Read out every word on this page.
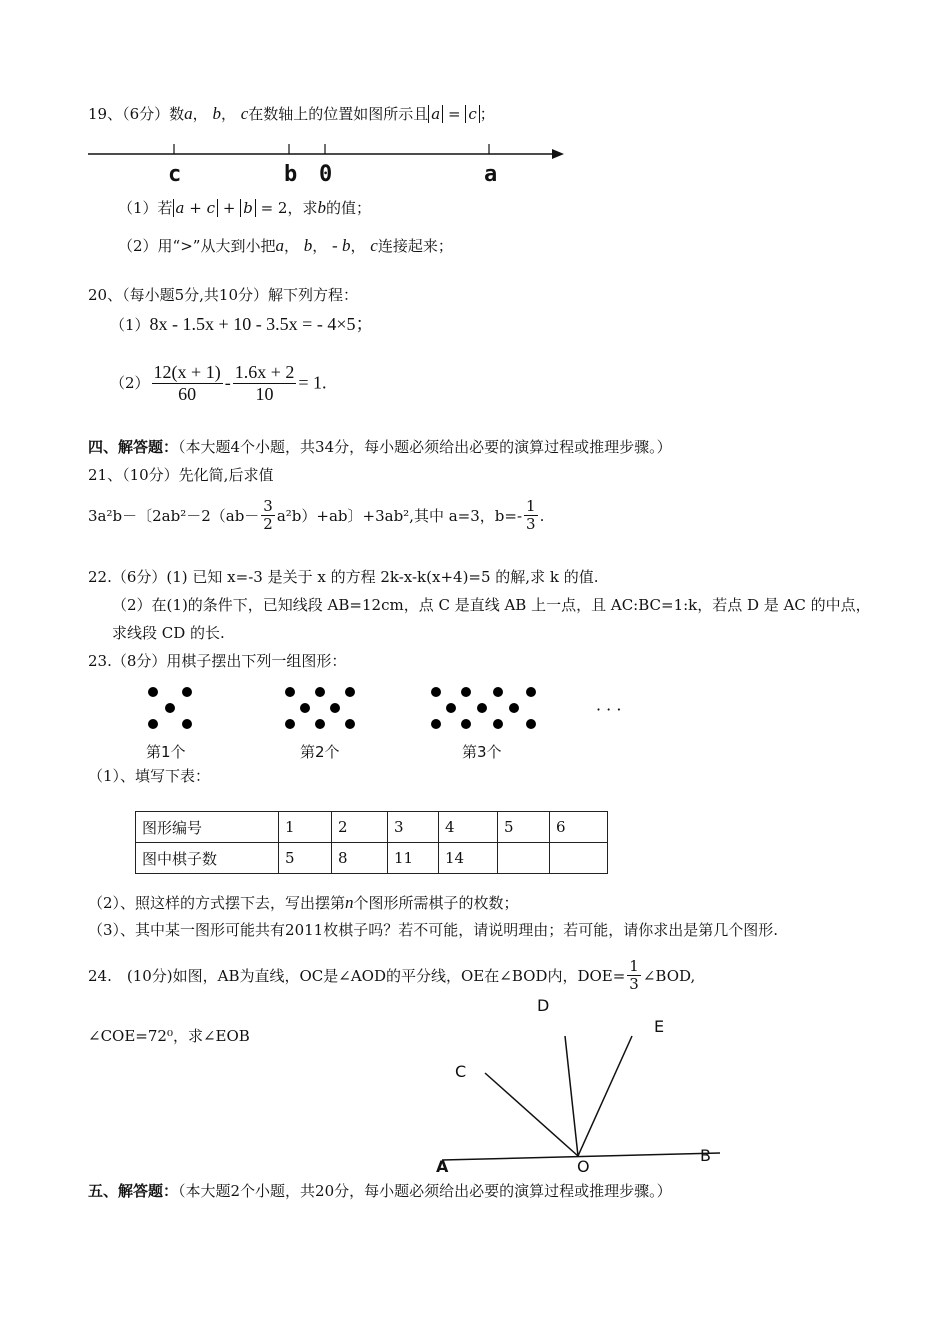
19、（6分）数a， b， c在数轴上的位置如图所示且 a = c ；
c	b 0	a
（1）若 a + c + b = 2，求b的值；
（2）用“>”从大到小把a， b， - b， c连接起来；
20、（每小题5分,共10分）解下列方程：
（1）8x - 1.5x + 10 - 3.5x = - 4×5；
$(2) \frac{12(x + 1)}{60} - \frac{1.6x + 2}{10} = 1$.
四、解答题：（本大题4个小题，共34分，每小题必须给出必要的演算过程或推理步骤。）
21、（10分）先化简,后求值
3a²b－〔$2ab^2-2(ab- \frac{3}{2} a^2b)+ab$〕+3ab²,其中 a=3，$b=- \frac{1}{3}$ .
22.（6分）(1) 已知 x=-3 是关于 x 的方程 2k-x-k(x+4)=5 的解,求 k 的值.
（2）在(1)的条件下，已知线段 AB=12cm，点 C 是直线 AB 上一点，且 AC:BC=1:k，若点 D 是 AC 的中点，
求线段 CD 的长.
23.（8分）用棋子摆出下列一组图形：
· · ·
第1个	第2个	第3个
（1）、填写下表：
图形编号	1	2	3	4	5	6
图中棋子数	5	8	11	14		
（2）、照这样的方式摆下去，写出摆第n个图形所需棋子的枚数；
（3）、其中某一图形可能共有2011枚棋子吗？若不可能，请说明理由；若可能，请你求出是第几个图形.
24.　(10分)如图，AB为直线，OC是∠AOD的平分线，OE在∠BOD内，$DOE= \frac{1}{3}$ ∠BOD,
∠COE=72⁰，求∠EOB
D
E
C
A	O
B
五、解答题：（本大题2个小题，共20分，每小题必须给出必要的演算过程或推理步骤。）
